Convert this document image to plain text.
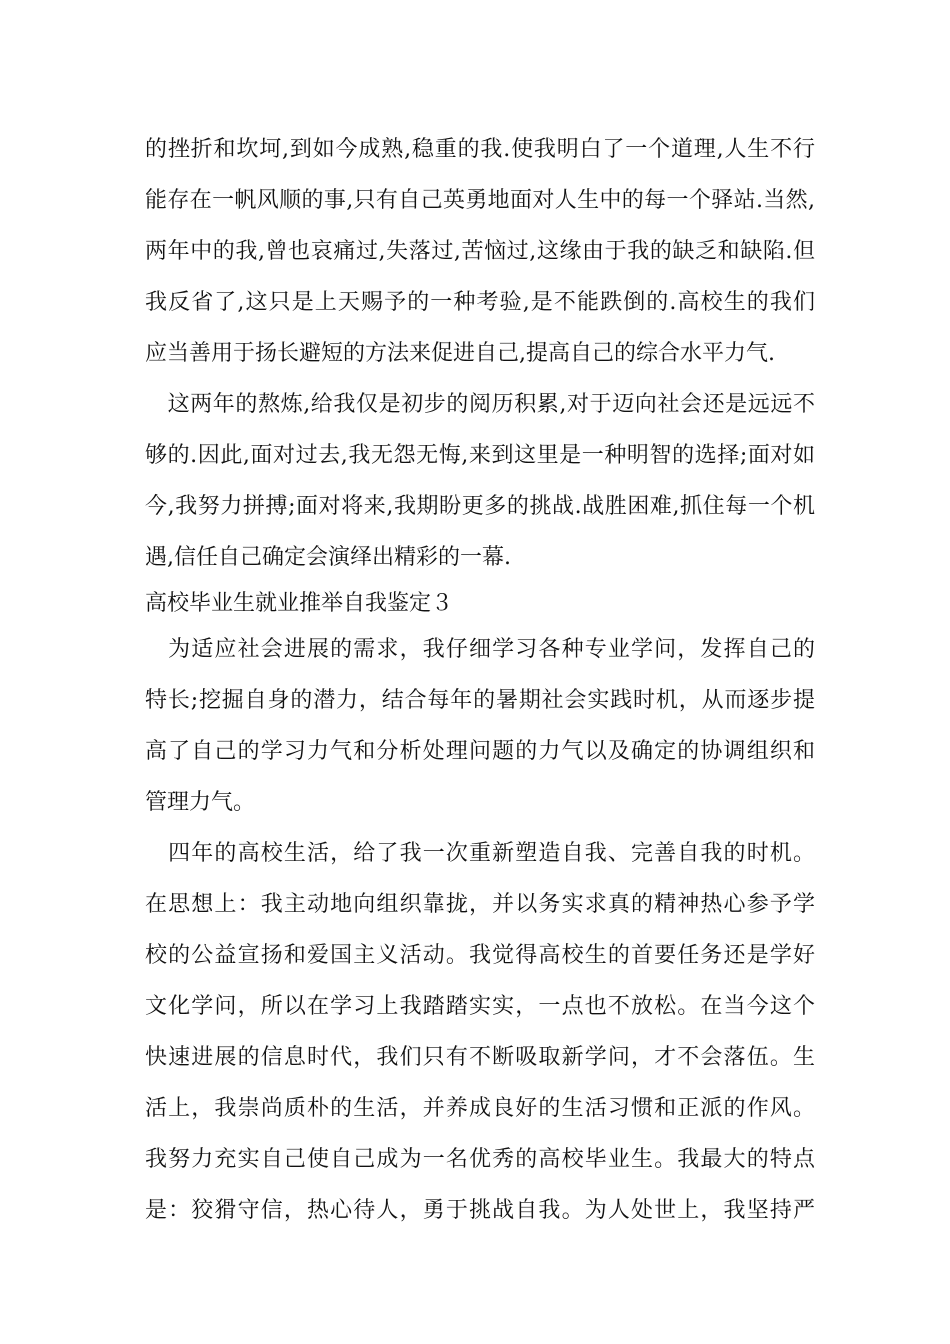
的挫折和坎坷,到如今成熟,稳重的我.使我明白了一个道理,人生不行
能存在一帆风顺的事,只有自己英勇地面对人生中的每一个驿站.当然,
两年中的我,曾也哀痛过,失落过,苦恼过,这缘由于我的缺乏和缺陷.但
我反省了,这只是上天赐予的一种考验,是不能跌倒的.高校生的我们
应当善用于扬长避短的方法来促进自己,提高自己的综合水平力气.
　这两年的熬炼,给我仅是初步的阅历积累,对于迈向社会还是远远不
够的.因此,面对过去,我无怨无悔,来到这里是一种明智的选择;面对如
今,我努力拼搏;面对将来,我期盼更多的挑战.战胜困难,抓住每一个机
遇,信任自己确定会演绎出精彩的一幕.
高校毕业生就业推举自我鉴定３
　为适应社会进展的需求，我仔细学习各种专业学问，发挥自己的
特长;挖掘自身的潜力，结合每年的暑期社会实践时机，从而逐步提
高了自己的学习力气和分析处理问题的力气以及确定的协调组织和
管理力气。
　四年的高校生活，给了我一次重新塑造自我、完善自我的时机。
在思想上：我主动地向组织靠拢，并以务实求真的精神热心参予学
校的公益宣扬和爱国主义活动。我觉得高校生的首要任务还是学好
文化学问，所以在学习上我踏踏实实，一点也不放松。在当今这个
快速进展的信息时代，我们只有不断吸取新学问，才不会落伍。生
活上，我崇尚质朴的生活，并养成良好的生活习惯和正派的作风。
我努力充实自己使自己成为一名优秀的高校毕业生。我最大的特点
是：狡猾守信，热心待人，勇于挑战自我。为人处世上，我坚持严
